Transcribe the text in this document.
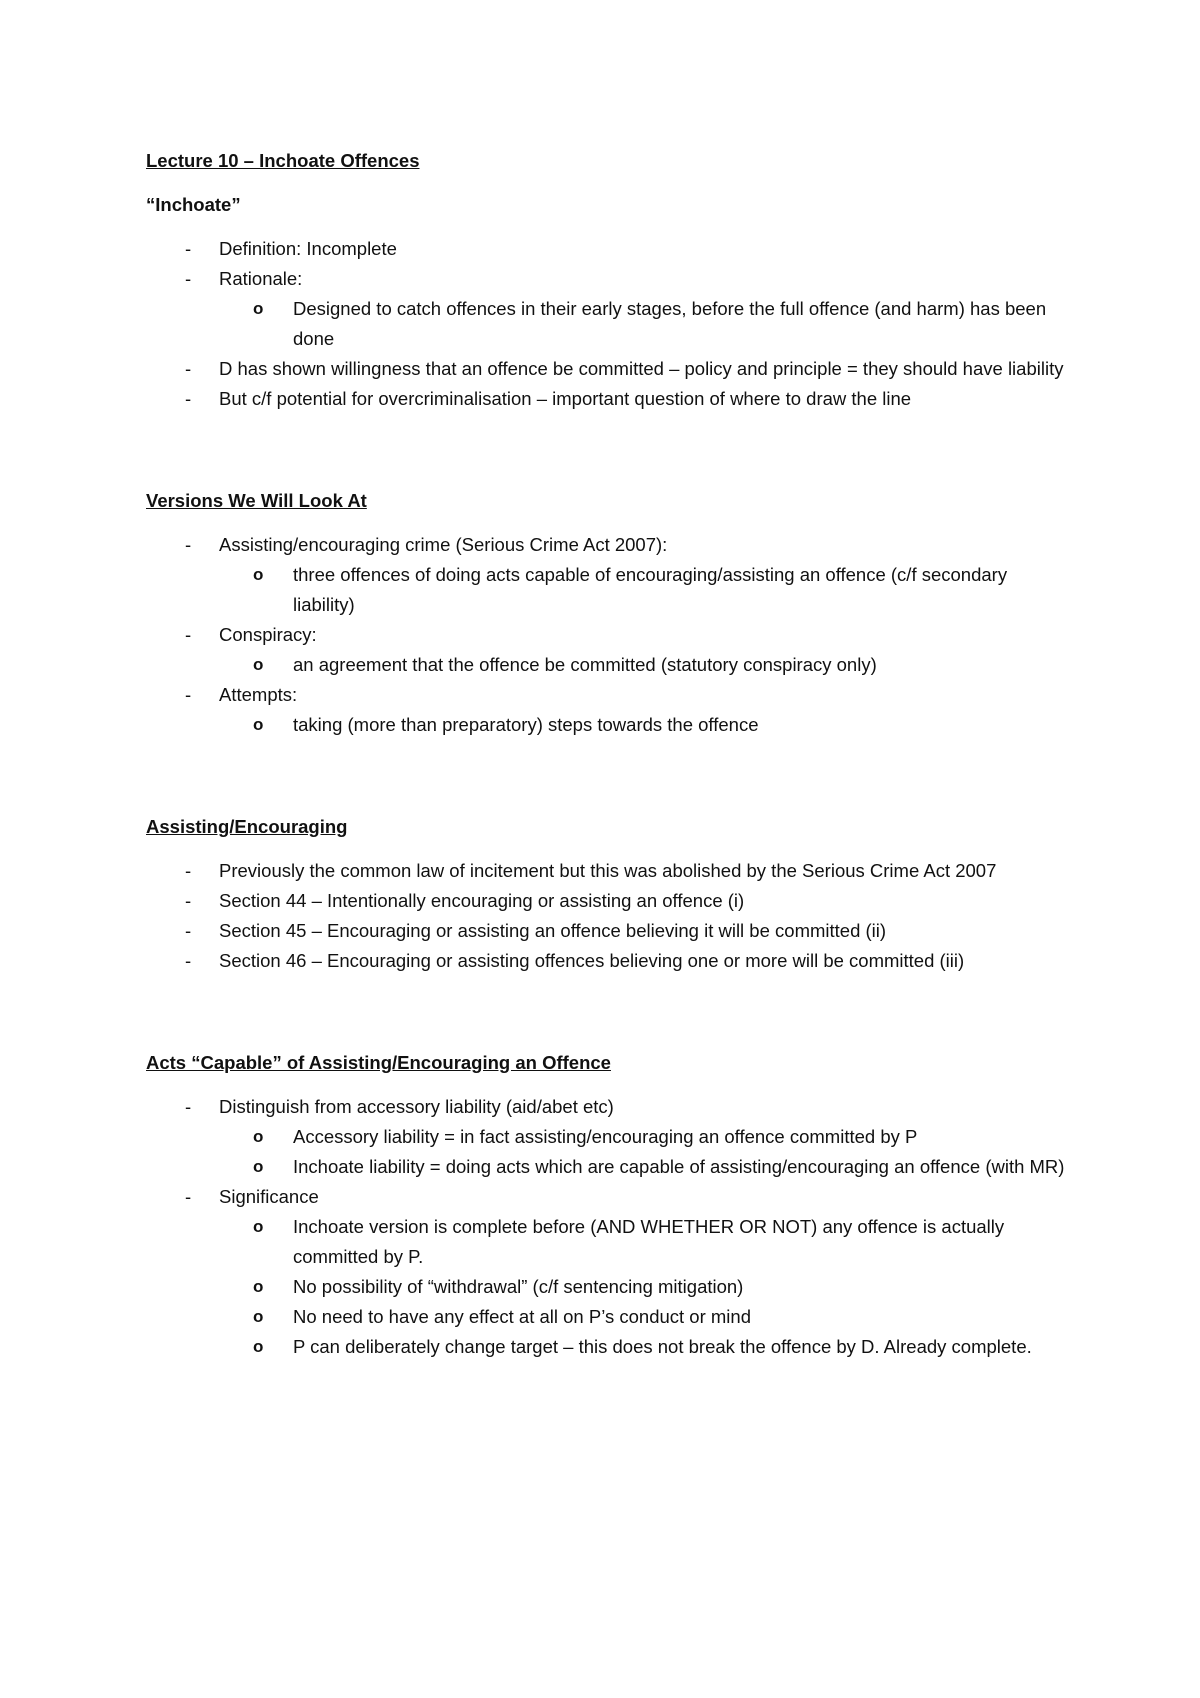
Lecture 10 – Inchoate Offences
“Inchoate”
- Definition: Incomplete
- Rationale:
o Designed to catch offences in their early stages, before the full offence (and harm) has been done
- D has shown willingness that an offence be committed – policy and principle = they should have liability
- But c/f potential for overcriminalisation – important question of where to draw the line
Versions We Will Look At
- Assisting/encouraging crime (Serious Crime Act 2007):
o three offences of doing acts capable of encouraging/assisting an offence (c/f secondary liability)
- Conspiracy:
o an agreement that the offence be committed (statutory conspiracy only)
- Attempts:
o taking (more than preparatory) steps towards the offence
Assisting/Encouraging
- Previously the common law of incitement but this was abolished by the Serious Crime Act 2007
- Section 44 – Intentionally encouraging or assisting an offence (i)
- Section 45 – Encouraging or assisting an offence believing it will be committed (ii)
- Section 46 – Encouraging or assisting offences believing one or more will be committed (iii)
Acts “Capable” of Assisting/Encouraging an Offence
- Distinguish from accessory liability (aid/abet etc)
o Accessory liability = in fact assisting/encouraging an offence committed by P
o Inchoate liability = doing acts which are capable of assisting/encouraging an offence (with MR)
- Significance
o Inchoate version is complete before (AND WHETHER OR NOT) any offence is actually committed by P.
o No possibility of “withdrawal” (c/f sentencing mitigation)
o No need to have any effect at all on P’s conduct or mind
o P can deliberately change target – this does not break the offence by D. Already complete.
